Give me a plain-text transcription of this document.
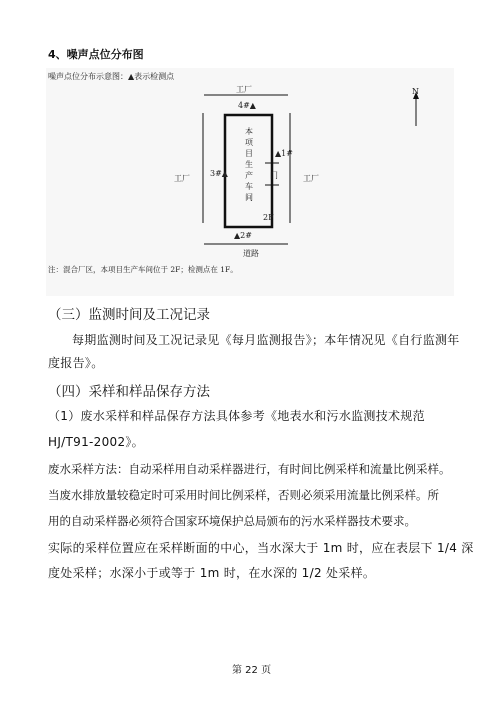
4、噪声点位分布图
噪声点位分布示意图：▲表示检测点
工厂
4#▲
▲1#
3#▲
工厂	工厂
门
本
项
目
生
产
车
间
2F
▲2#
道路
N
注：混合厂区，本项目生产车间位于 2F；检测点在 1F。
（三）监测时间及工况记录
每期监测时间及工况记录见《每月监测报告》；本年情况见《自行监测年
度报告》。
（四）采样和样品保存方法
（1）废水采样和样品保存方法具体参考《地表水和污水监测技术规范
HJ/T91-2002》。
废水采样方法：自动采样用自动采样器进行，有时间比例采样和流量比例采样。
当废水排放量较稳定时可采用时间比例采样，否则必须采用流量比例采样。所
用的自动采样器必须符合国家环境保护总局颁布的污水采样器技术要求。
实际的采样位置应在采样断面的中心，当水深大于 1m 时，应在表层下 1/4 深
度处采样；水深小于或等于 1m 时，在水深的 1/2 处采样。
第 22 页
